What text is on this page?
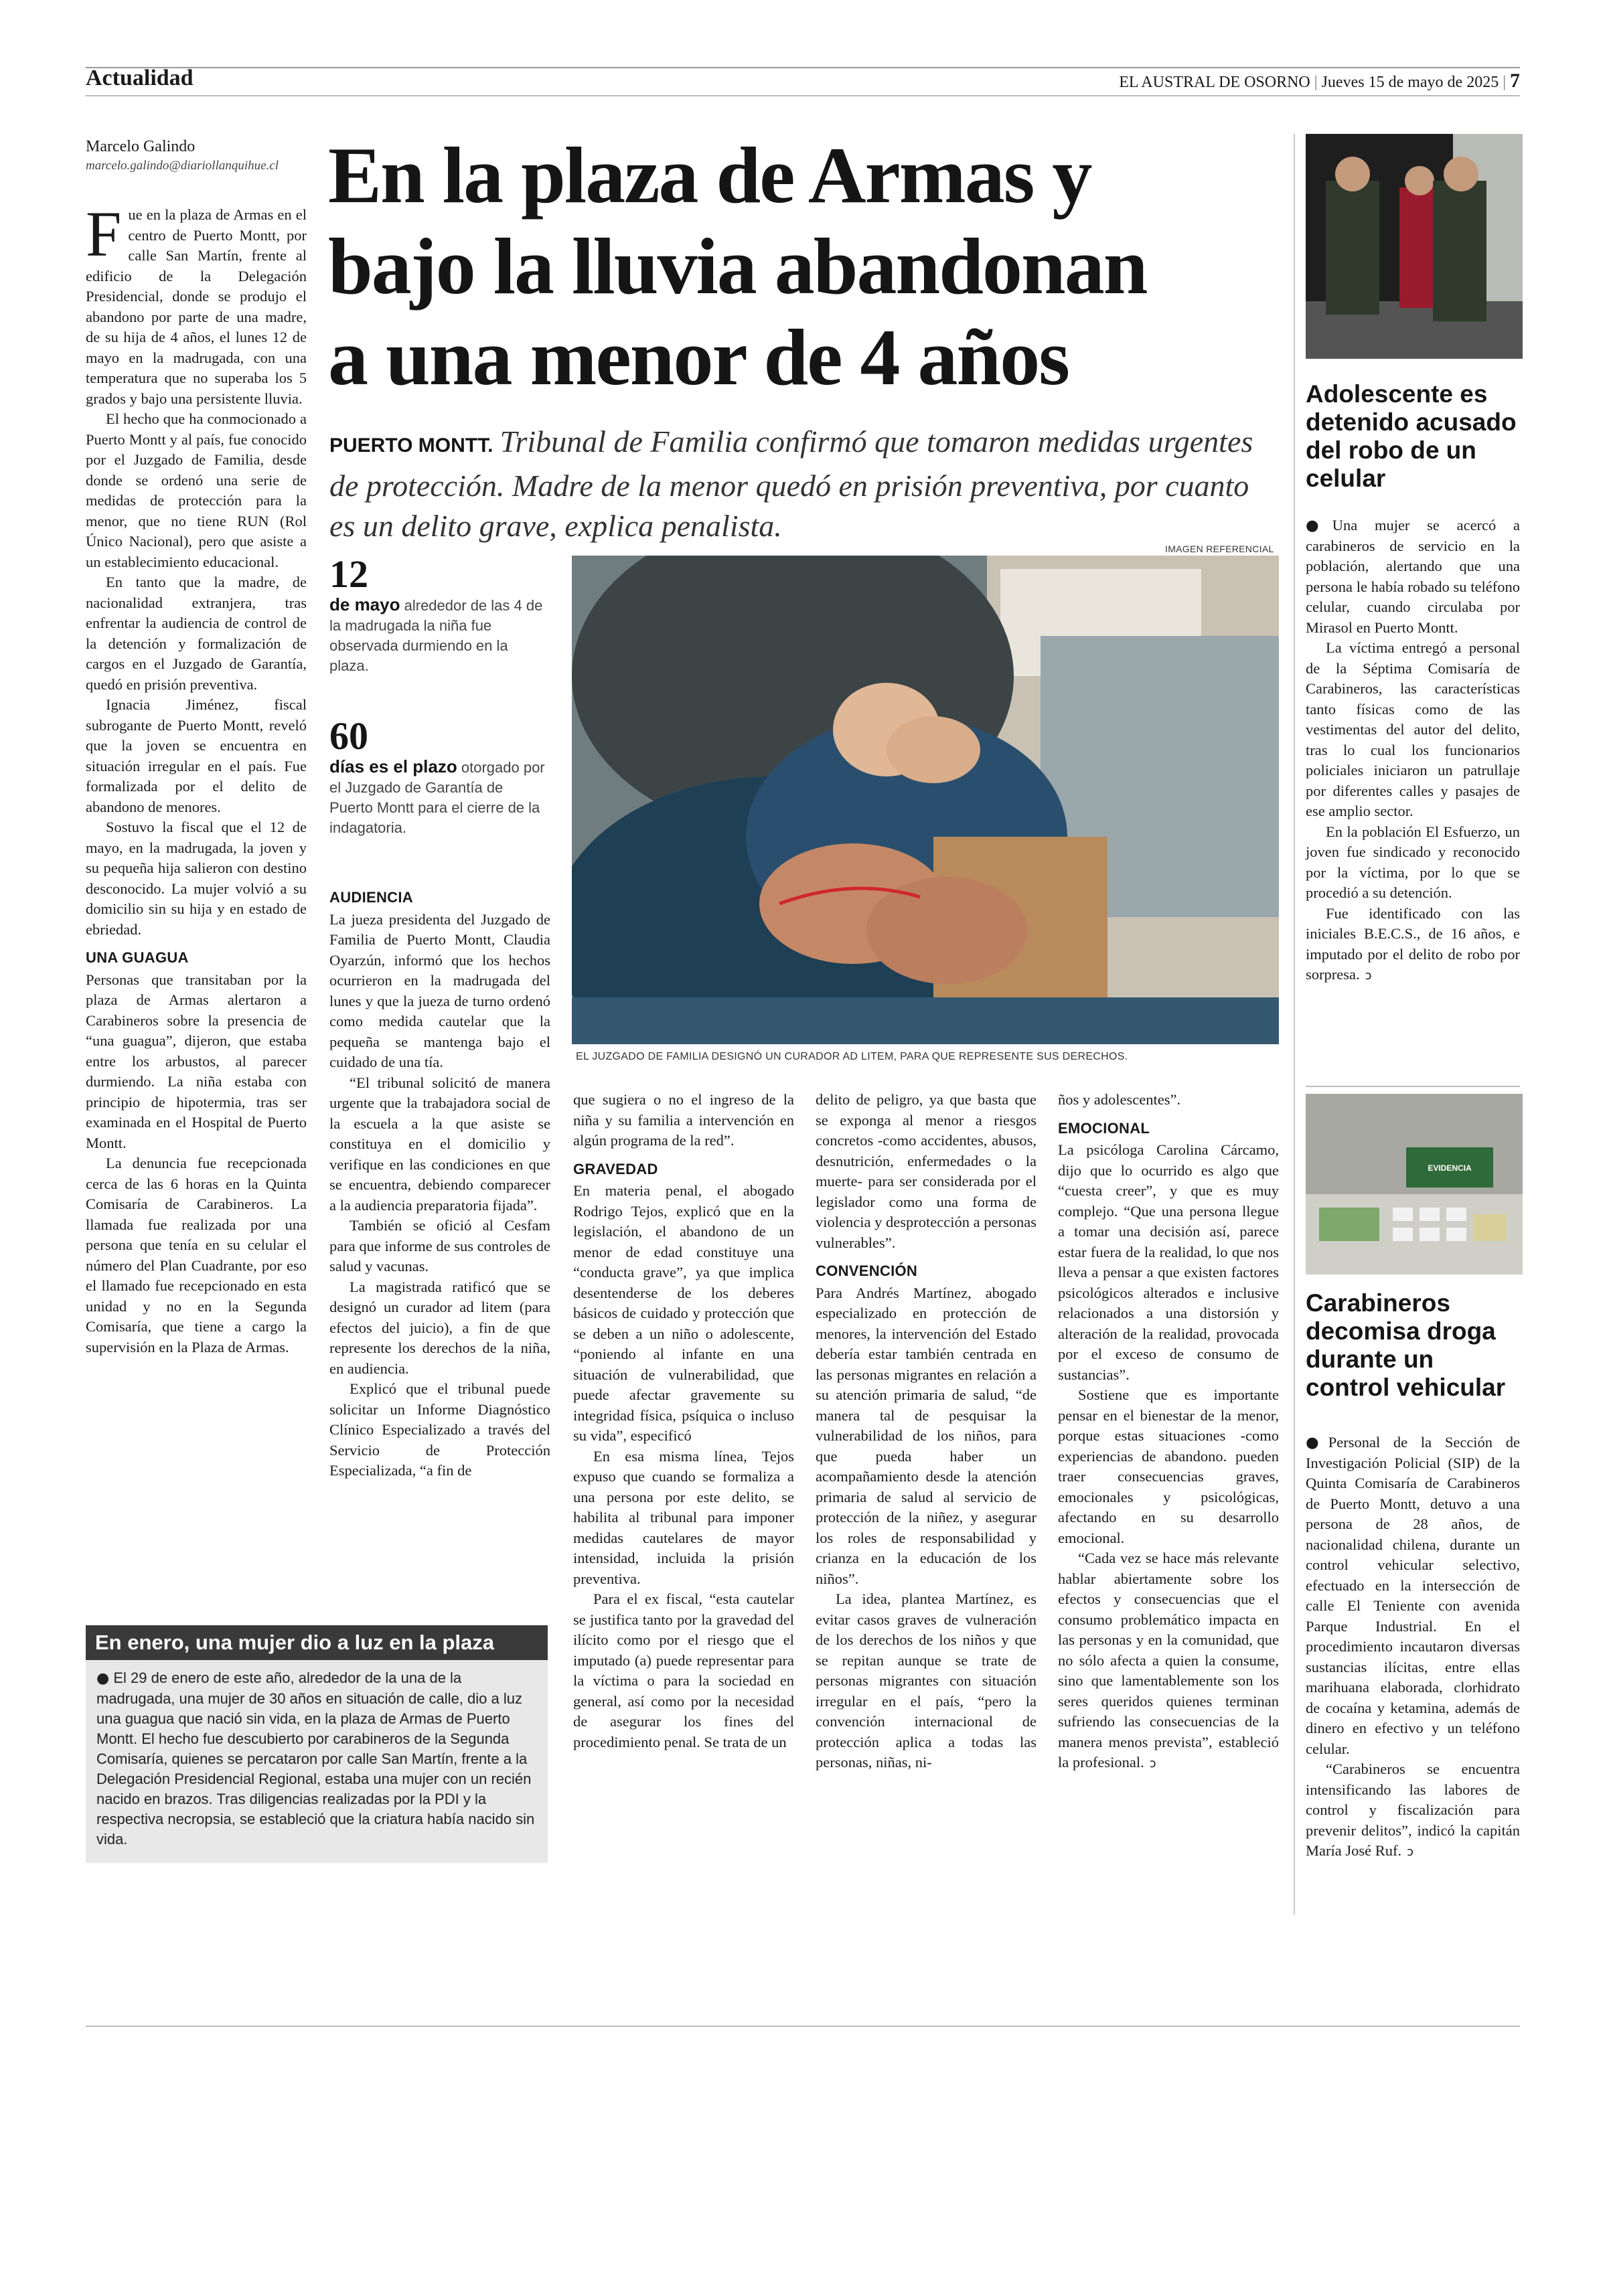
Actualidad	EL AUSTRAL DE OSORNO | Jueves 15 de mayo de 2025 | 7
Marcelo Galindo
marcelo.galindo@diariollanquihue.cl En la plaza de Armas y
bajo la lluvia abandonan
a una menor de 4 años
PUERTO MONTT. Tribunal de Familia confirmó que tomaron medidas urgentes de protección. Madre de la menor quedó en prisión preventiva, por cuanto es un delito grave, explica penalista.

Fue en la plaza de Armas en el centro de Puerto Montt, por calle San Martín, frente al edificio de la Delegación Presidencial, donde se produjo el abandono por parte de una madre, de su hija de 4 años, el lunes 12 de mayo en la madrugada, con una temperatura que no superaba los 5 grados y bajo una persistente lluvia.

El hecho que ha conmocionado a Puerto Montt y al país, fue conocido por el Juzgado de Familia, desde donde se ordenó una serie de medidas de protección para la menor, que no tiene RUN (Rol Único Nacional), pero que asiste a un establecimiento educacional.

En tanto que la madre, de nacionalidad extranjera, tras enfrentar la audiencia de control de la detención y formalización de cargos en el Juzgado de Garantía, quedó en prisión preventiva.

Ignacia Jiménez, fiscal subrogante de Puerto Montt, reveló que la joven se encuentra en situación irregular en el país. Fue formalizada por el delito de abandono de menores.

Sostuvo la fiscal que el 12 de mayo, en la madrugada, la joven y su pequeña hija salieron con destino desconocido. La mujer volvió a su domicilio sin su hija y en estado de ebriedad.

UNA GUAGUA

Personas que transitaban por la plaza de Armas alertaron a Carabineros sobre la presencia de “una guagua”, dijeron, que estaba entre los arbustos, al parecer durmiendo. La niña estaba con principio de hipotermia, tras ser examinada en el Hospital de Puerto Montt.

La denuncia fue recepcionada cerca de las 6 horas en la Quinta Comisaría de Carabineros. La llamada fue realizada por una persona que tenía en su celular el número del Plan Cuadrante, por eso el llamado fue recepcionado en esta unidad y no en la Segunda Comisaría, que tiene a cargo la supervisión en la Plaza de Armas.

12
de mayo alrededor de las 4 de la madrugada la niña fue observada durmiendo en la plaza.
60
días es el plazo otorgado por el Juzgado de Garantía de Puerto Montt para el cierre de la indagatoria.
AUDIENCIA

La jueza presidenta del Juzgado de Familia de Puerto Montt, Claudia Oyarzún, informó que los hechos ocurrieron en la madrugada del lunes y que la jueza de turno ordenó como medida cautelar que la pequeña se mantenga bajo el cuidado de una tía.

“El tribunal solicitó de manera urgente que la trabajadora social de la escuela a la que asiste se constituya en el domicilio y verifique en las condiciones en que se encuentra, debiendo comparecer a la audiencia preparatoria fijada”.

También se ofició al Cesfam para que informe de sus controles de salud y vacunas.

La magistrada ratificó que se designó un curador ad litem (para efectos del juicio), a fin de que represente los derechos de la niña, en audiencia.

Explicó que el tribunal puede solicitar un Informe Diagnóstico Clínico Especializado a través del Servicio de Protección Especializada, “a fin de

IMAGEN REFERENCIAL
EL JUZGADO DE FAMILIA DESIGNÓ UN CURADOR AD LITEM, PARA QUE REPRESENTE SUS DERECHOS.

que sugiera o no el ingreso de la niña y su familia a intervención en algún programa de la red”.

GRAVEDAD

En materia penal, el abogado Rodrigo Tejos, explicó que en la legislación, el abandono de un menor de edad constituye una “conducta grave”, ya que implica desentenderse de los deberes básicos de cuidado y protección que se deben a un niño o adolescente, “poniendo al infante en una situación de vulnerabilidad, que puede afectar gravemente su integridad física, psíquica o incluso su vida”, especificó

En esa misma línea, Tejos expuso que cuando se formaliza a una persona por este delito, se habilita al tribunal para imponer medidas cautelares de mayor intensidad, incluida la prisión preventiva.

Para el ex fiscal, “esta cautelar se justifica tanto por la gravedad del ilícito como por el riesgo que el imputado (a) puede representar para la víctima o para la sociedad en general, así como por la necesidad de asegurar los fines del procedimiento penal. Se trata de un

delito de peligro, ya que basta que se exponga al menor a riesgos concretos -como accidentes, abusos, desnutrición, enfermedades o la muerte- para ser considerada por el legislador como una forma de violencia y desprotección a personas vulnerables”.

CONVENCIÓN

Para Andrés Martínez, abogado especializado en protección de menores, la intervención del Estado debería estar también centrada en las personas migrantes en relación a su atención primaria de salud, “de manera tal de pesquisar la vulnerabilidad de los niños, para que pueda haber un acompañamiento desde la atención primaria de salud al servicio de protección de la niñez, y asegurar los roles de responsabilidad y crianza en la educación de los niños”.

La idea, plantea Martínez, es evitar casos graves de vulneración de los derechos de los niños y que se repitan aunque se trate de personas migrantes con situación irregular en el país, “pero la convención internacional de protección aplica a todas las personas, niñas, ni-

ños y adolescentes”.

EMOCIONAL

La psicóloga Carolina Cárcamo, dijo que lo ocurrido es algo que “cuesta creer”, y que es muy complejo. “Que una persona llegue a tomar una decisión así, parece estar fuera de la realidad, lo que nos lleva a pensar a que existen factores psicológicos alterados e inclusive relacionados a una distorsión y alteración de la realidad, provocada por el exceso de consumo de sustancias”.

Sostiene que es importante pensar en el bienestar de la menor, porque estas situaciones -como experiencias de abandono. pueden traer consecuencias graves, emocionales y psicológicas, afectando en su desarrollo emocional.

“Cada vez se hace más relevante hablar abiertamente sobre los efectos y consecuencias que el consumo problemático impacta en las personas y en la comunidad, que no sólo afecta a quien la consume, sino que lamentablemente son los seres queridos quienes terminan sufriendo las consecuencias de la manera menos prevista”, estableció la profesional. ↄ

En enero, una mujer dio a luz en la plaza
● El 29 de enero de este año, alrededor de la una de la madrugada, una mujer de 30 años en situación de calle, dio a luz una guagua que nació sin vida, en la plaza de Armas de Puerto Montt. El hecho fue descubierto por carabineros de la Segunda Comisaría, quienes se percataron por calle San Martín, frente a la Delegación Presidencial Regional, estaba una mujer con un recién nacido en brazos. Tras diligencias realizadas por la PDI y la respectiva necropsia, se estableció que la criatura había nacido sin vida.
Adolescente es detenido acusado del robo de un celular

●Una mujer se acercó a carabineros de servicio en la población, alertando que una persona le había robado su teléfono celular, cuando circulaba por Mirasol en Puerto Montt.

La víctima entregó a personal de la Séptima Comisaría de Carabineros, las características tanto físicas como de las vestimentas del autor del delito, tras lo cual los funcionarios policiales iniciaron un patrullaje por diferentes calles y pasajes de ese amplio sector.

En la población El Esfuerzo, un joven fue sindicado y reconocido por la víctima, por lo que se procedió a su detención.

Fue identificado con las iniciales B.E.C.S., de 16 años, e imputado por el delito de robo por sorpresa. ↄ

EVIDENCIA
Carabineros decomisa droga durante un control vehicular

●Personal de la Sección de Investigación Policial (SIP) de la Quinta Comisaría de Carabineros de Puerto Montt, detuvo a una persona de 28 años, de nacionalidad chilena, durante un control vehicular selectivo, efectuado en la intersección de calle El Teniente con avenida Parque Industrial. En el procedimiento incautaron diversas sustancias ilícitas, entre ellas marihuana elaborada, clorhidrato de cocaína y ketamina, además de dinero en efectivo y un teléfono celular.

“Carabineros se encuentra intensificando las labores de control y fiscalización para prevenir delitos”, indicó la capitán María José Ruf. ↄ
